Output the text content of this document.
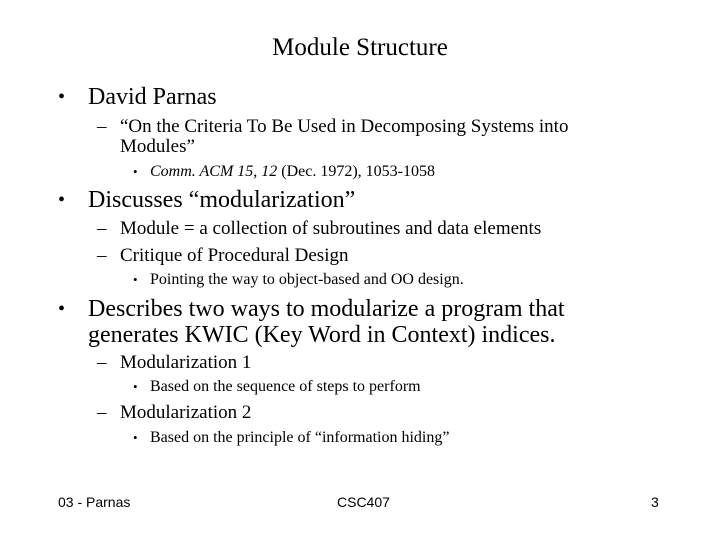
Module Structure
• David Parnas
– “On the Criteria To Be Used in Decomposing Systems into
Modules”
• Comm. ACM 15, 12 (Dec. 1972), 1053-1058
• Discusses “modularization”
– Module = a collection of subroutines and data elements
– Critique of Procedural Design
• Pointing the way to object-based and OO design.
• Describes two ways to modularize a program that
generates KWIC (Key Word in Context) indices.
– Modularization 1
• Based on the sequence of steps to perform
– Modularization 2
• Based on the principle of “information hiding”
03 - Parnas	CSC407	3
